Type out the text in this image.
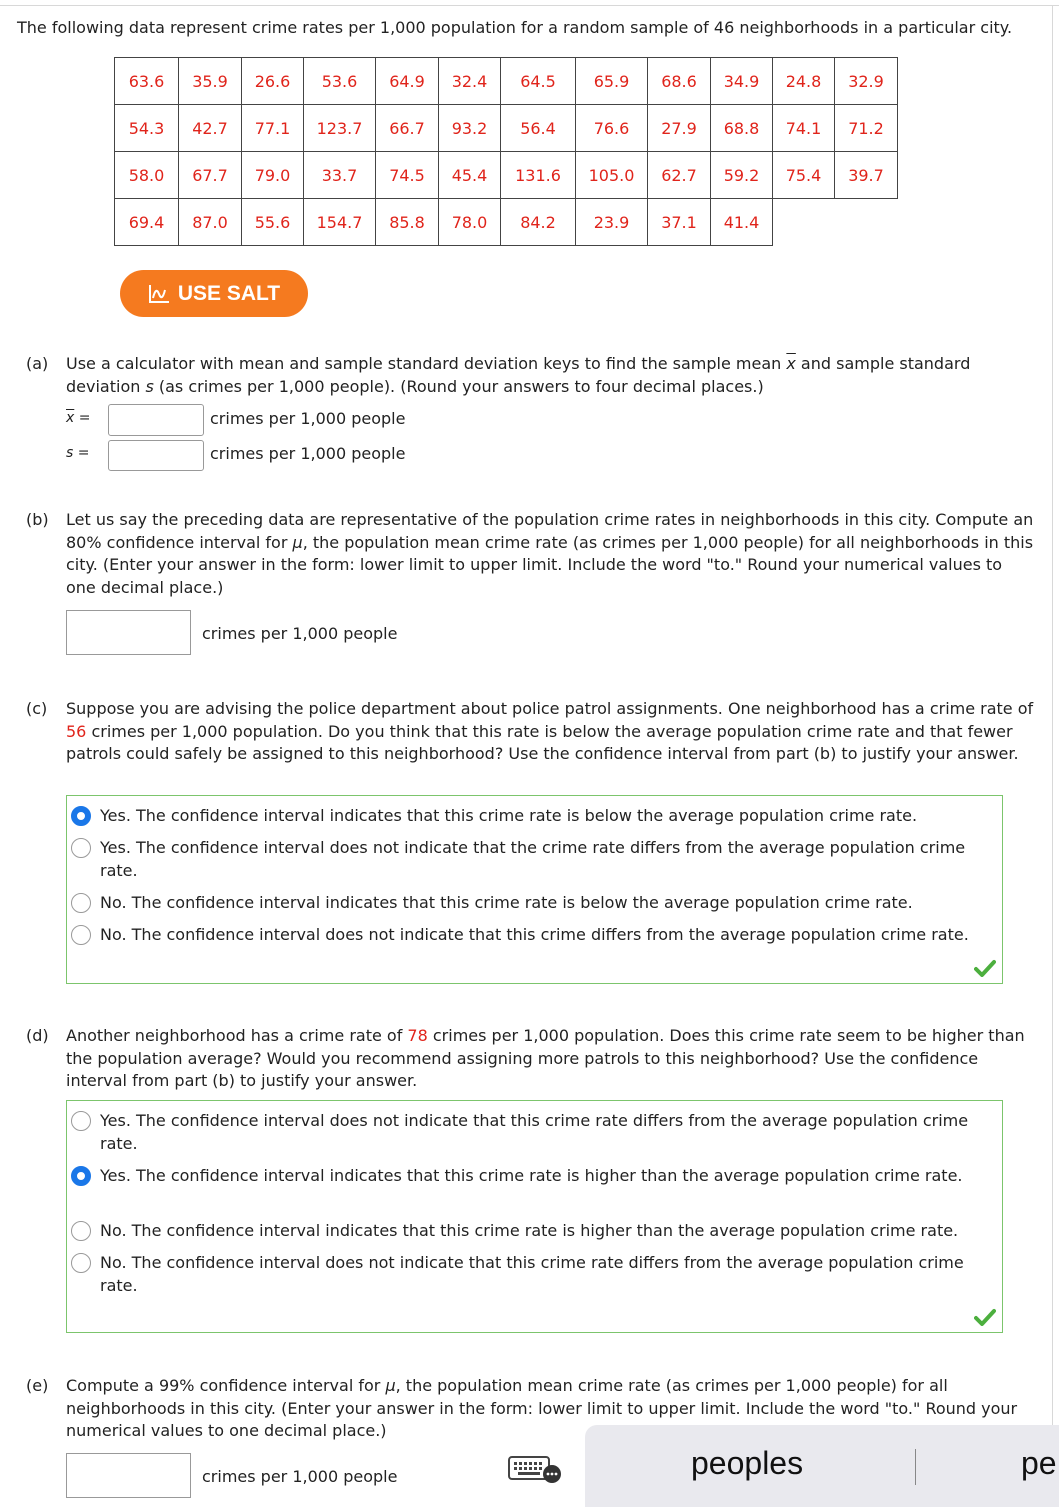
The following data represent crime rates per 1,000 population for a random sample of 46 neighborhoods in a particular city.
63.6	35.9	26.6	53.6	64.9	32.4	64.5	65.9	68.6	34.9	24.8	32.9
54.3	42.7	77.1	123.7	66.7	93.2	56.4	76.6	27.9	68.8	74.1	71.2
58.0	67.7	79.0	33.7	74.5	45.4	131.6	105.0	62.7	59.2	75.4	39.7
69.4	87.0	55.6	154.7	85.8	78.0	84.2	23.9	37.1	41.4		
USE SALT
(a) Use a calculator with mean and sample standard deviation keys to find the sample mean $\overline{x}$ and sample standard deviation s (as crimes per 1,000 people). (Round your answers to four decimal places.)
$\overline{x}$ =	crimes per 1,000 people
s =	crimes per 1,000 people
(b) Let us say the preceding data are representative of the population crime rates in neighborhoods in this city. Compute an 80% confidence interval for μ, the population mean crime rate (as crimes per 1,000 people) for all neighborhoods in this city. (Enter your answer in the form: lower limit to upper limit. Include the word "to." Round your numerical values to one decimal place.)
crimes per 1,000 people
(c) Suppose you are advising the police department about police patrol assignments. One neighborhood has a crime rate of 56 crimes per 1,000 population. Do you think that this rate is below the average population crime rate and that fewer patrols could safely be assigned to this neighborhood? Use the confidence interval from part (b) to justify your answer.
Yes. The confidence interval indicates that this crime rate is below the average population crime rate.
Yes. The confidence interval does not indicate that the crime rate differs from the average population crime rate.
No. The confidence interval indicates that this crime rate is below the average population crime rate.
No. The confidence interval does not indicate that this crime differs from the average population crime rate.
(d) Another neighborhood has a crime rate of 78 crimes per 1,000 population. Does this crime rate seem to be higher than the population average? Would you recommend assigning more patrols to this neighborhood? Use the confidence interval from part (b) to justify your answer.
Yes. The confidence interval does not indicate that this crime rate differs from the average population crime rate.
Yes. The confidence interval indicates that this crime rate is higher than the average population crime rate.
No. The confidence interval indicates that this crime rate is higher than the average population crime rate.
No. The confidence interval does not indicate that this crime rate differs from the average population crime rate.
(e) Compute a 99% confidence interval for μ, the population mean crime rate (as crimes per 1,000 people) for all neighborhoods in this city. (Enter your answer in the form: lower limit to upper limit. Include the word "to." Round your numerical values to one decimal place.)
crimes per 1,000 people	peoples	pe
